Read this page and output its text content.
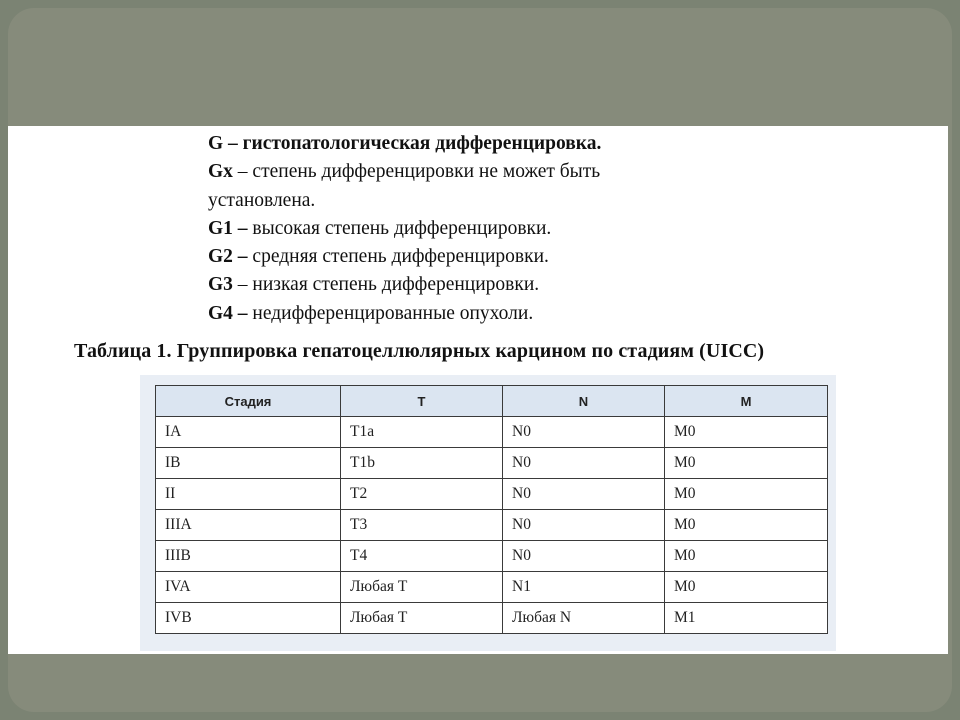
G – гистопатологическая дифференцировка.
Gx – степень дифференцировки не может быть
установлена.
G1 – высокая степень дифференцировки.
G2 – средняя степень дифференцировки.
G3 – низкая степень дифференцировки.
G4 – недифференцированные опухоли.
Таблица 1. Группировка гепатоцеллюлярных карцином по стадиям (UICC)
Стадия	T	N	M
IA	T1a	N0	M0
IB	T1b	N0	M0
II	T2	N0	M0
IIIA	T3	N0	M0
IIIB	T4	N0	M0
IVA	Любая T	N1	M0
IVB	Любая T	Любая N	M1
